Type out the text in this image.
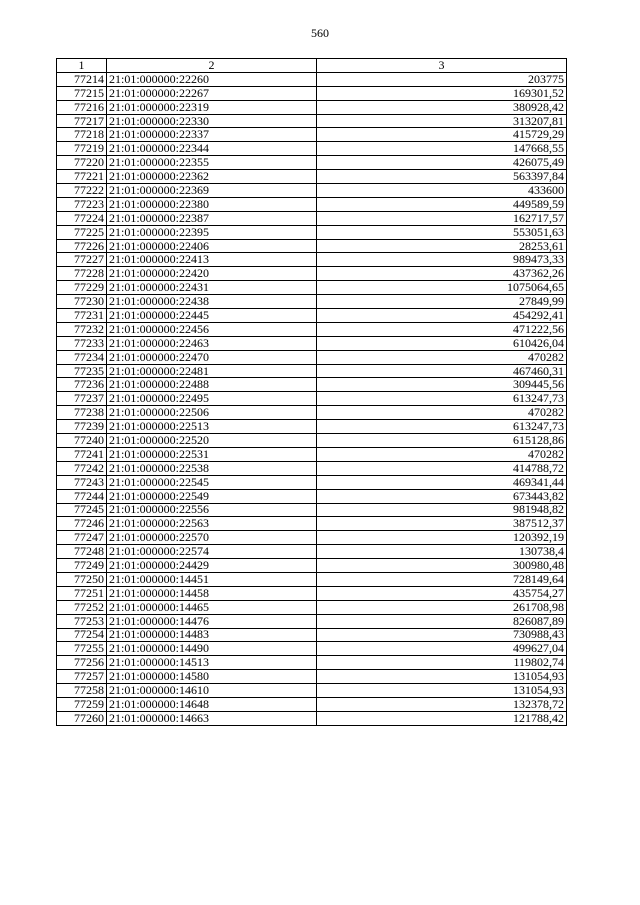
560
1	2	3
77214	21:01:000000:22260	203775
77215	21:01:000000:22267	169301,52
77216	21:01:000000:22319	380928,42
77217	21:01:000000:22330	313207,81
77218	21:01:000000:22337	415729,29
77219	21:01:000000:22344	147668,55
77220	21:01:000000:22355	426075,49
77221	21:01:000000:22362	563397,84
77222	21:01:000000:22369	433600
77223	21:01:000000:22380	449589,59
77224	21:01:000000:22387	162717,57
77225	21:01:000000:22395	553051,63
77226	21:01:000000:22406	28253,61
77227	21:01:000000:22413	989473,33
77228	21:01:000000:22420	437362,26
77229	21:01:000000:22431	1075064,65
77230	21:01:000000:22438	27849,99
77231	21:01:000000:22445	454292,41
77232	21:01:000000:22456	471222,56
77233	21:01:000000:22463	610426,04
77234	21:01:000000:22470	470282
77235	21:01:000000:22481	467460,31
77236	21:01:000000:22488	309445,56
77237	21:01:000000:22495	613247,73
77238	21:01:000000:22506	470282
77239	21:01:000000:22513	613247,73
77240	21:01:000000:22520	615128,86
77241	21:01:000000:22531	470282
77242	21:01:000000:22538	414788,72
77243	21:01:000000:22545	469341,44
77244	21:01:000000:22549	673443,82
77245	21:01:000000:22556	981948,82
77246	21:01:000000:22563	387512,37
77247	21:01:000000:22570	120392,19
77248	21:01:000000:22574	130738,4
77249	21:01:000000:24429	300980,48
77250	21:01:000000:14451	728149,64
77251	21:01:000000:14458	435754,27
77252	21:01:000000:14465	261708,98
77253	21:01:000000:14476	826087,89
77254	21:01:000000:14483	730988,43
77255	21:01:000000:14490	499627,04
77256	21:01:000000:14513	119802,74
77257	21:01:000000:14580	131054,93
77258	21:01:000000:14610	131054,93
77259	21:01:000000:14648	132378,72
77260	21:01:000000:14663	121788,42
